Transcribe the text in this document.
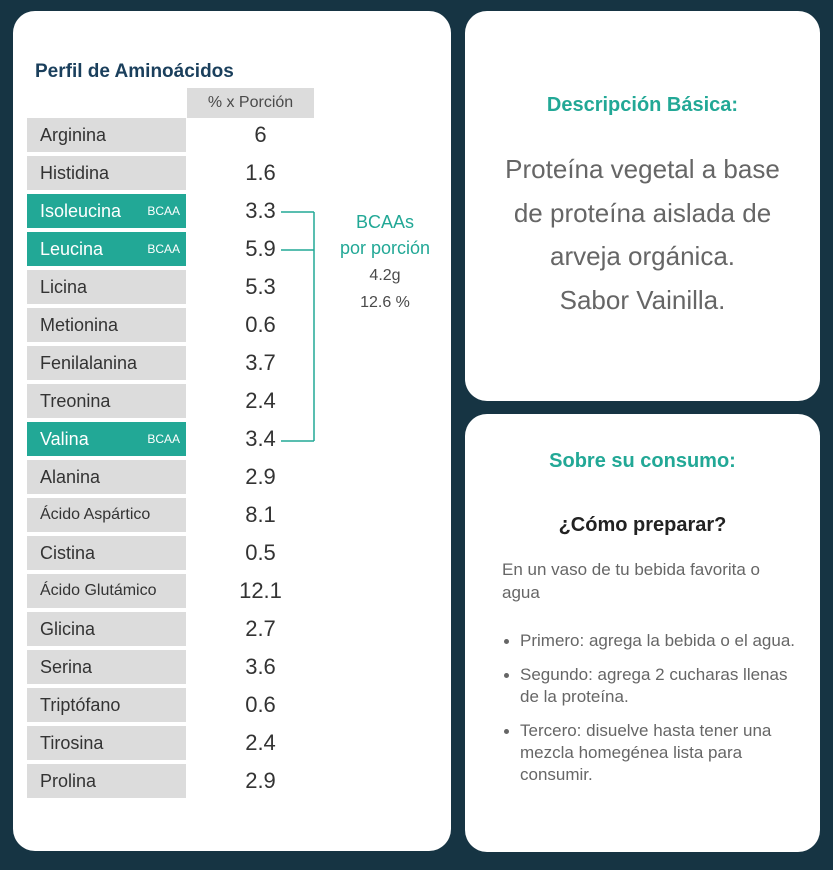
Perfil de Aminoácidos
% x Porción
Arginina	6
Histidina	1.6
Isoleucina BCAA	3.3
Leucina	BCAA	5.9
Licina	5.3
Metionina	0.6
Fenilalanina	3.7
Treonina	2.4
Valina	BCAA	3.4
Alanina	2.9
Ácido Aspártico	8.1
Cistina	0.5
Ácido Glutámico	12.1
Glicina	2.7
Serina	3.6
Triptófano	0.6
Tirosina	2.4
Prolina	2.9
BCAAs
por porción
4.2g
12.6 %
Descripción Básica:
Proteína vegetal a base
de proteína aislada de
arveja orgánica.
Sabor Vainilla.
Sobre su consumo:
¿Cómo preparar?
En un vaso de tu bebida favorita o agua
Primero: agrega la bebida o el agua.
Segundo: agrega 2 cucharas llenas de la proteína.
Tercero: disuelve hasta tener una mezcla homegénea lista para consumir.
